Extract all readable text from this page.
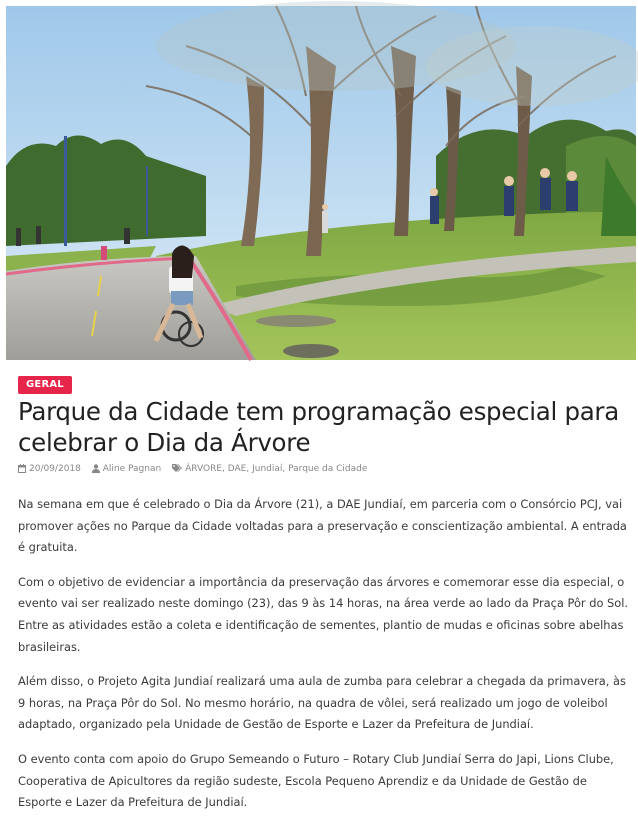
GERAL
Parque da Cidade tem programação especial para celebrar o Dia da Árvore
20/09/2018 Aline Pagnan	ÁRVORE, DAE, Jundiaí, Parque da Cidade

Na semana em que é celebrado o Dia da Árvore (21), a DAE Jundiaí, em parceria com o Consórcio PCJ, vai promover ações no Parque da Cidade voltadas para a preservação e conscientização ambiental. A entrada é gratuita.

Com o objetivo de evidenciar a importância da preservação das árvores e comemorar esse dia especial, o evento vai ser realizado neste domingo (23), das 9 às 14 horas, na área verde ao lado da Praça Pôr do Sol. Entre as atividades estão a coleta e identificação de sementes, plantio de mudas e oficinas sobre abelhas brasileiras.

Além disso, o Projeto Agita Jundiaí realizará uma aula de zumba para celebrar a chegada da primavera, às 9 horas, na Praça Pôr do Sol. No mesmo horário, na quadra de vôlei, será realizado um jogo de voleibol adaptado, organizado pela Unidade de Gestão de Esporte e Lazer da Prefeitura de Jundiaí.

O evento conta com apoio do Grupo Semeando o Futuro – Rotary Club Jundiaí Serra do Japi, Lions Clube, Cooperativa de Apicultores da região sudeste, Escola Pequeno Aprendiz e da Unidade de Gestão de Esporte e Lazer da Prefeitura de Jundiaí.
